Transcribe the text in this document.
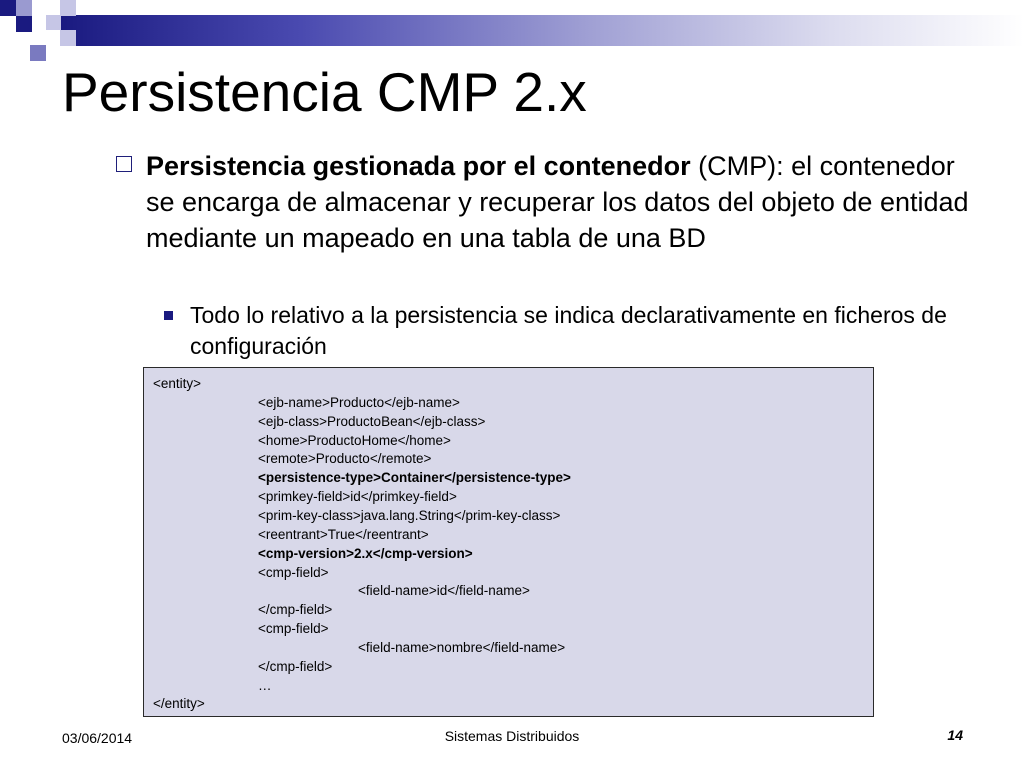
Persistencia CMP 2.x
Persistencia gestionada por el contenedor (CMP): el contenedor se encarga de almacenar y recuperar los datos del objeto de entidad mediante un mapeado en una tabla de una BD
Todo lo relativo a la persistencia se indica declarativamente en ficheros de configuración
<entity>
<ejb-name>Producto</ejb-name>
<ejb-class>ProductoBean</ejb-class>
<home>ProductoHome</home>
<remote>Producto</remote>
<persistence-type>Container</persistence-type>
<primkey-field>id</primkey-field>
<prim-key-class>java.lang.String</prim-key-class>
<reentrant>True</reentrant>
<cmp-version>2.x</cmp-version>
<cmp-field>
<field-name>id</field-name>
</cmp-field>
<cmp-field>
<field-name>nombre</field-name>
</cmp-field>
…
</entity>
03/06/2014	Sistemas Distribuidos	14
